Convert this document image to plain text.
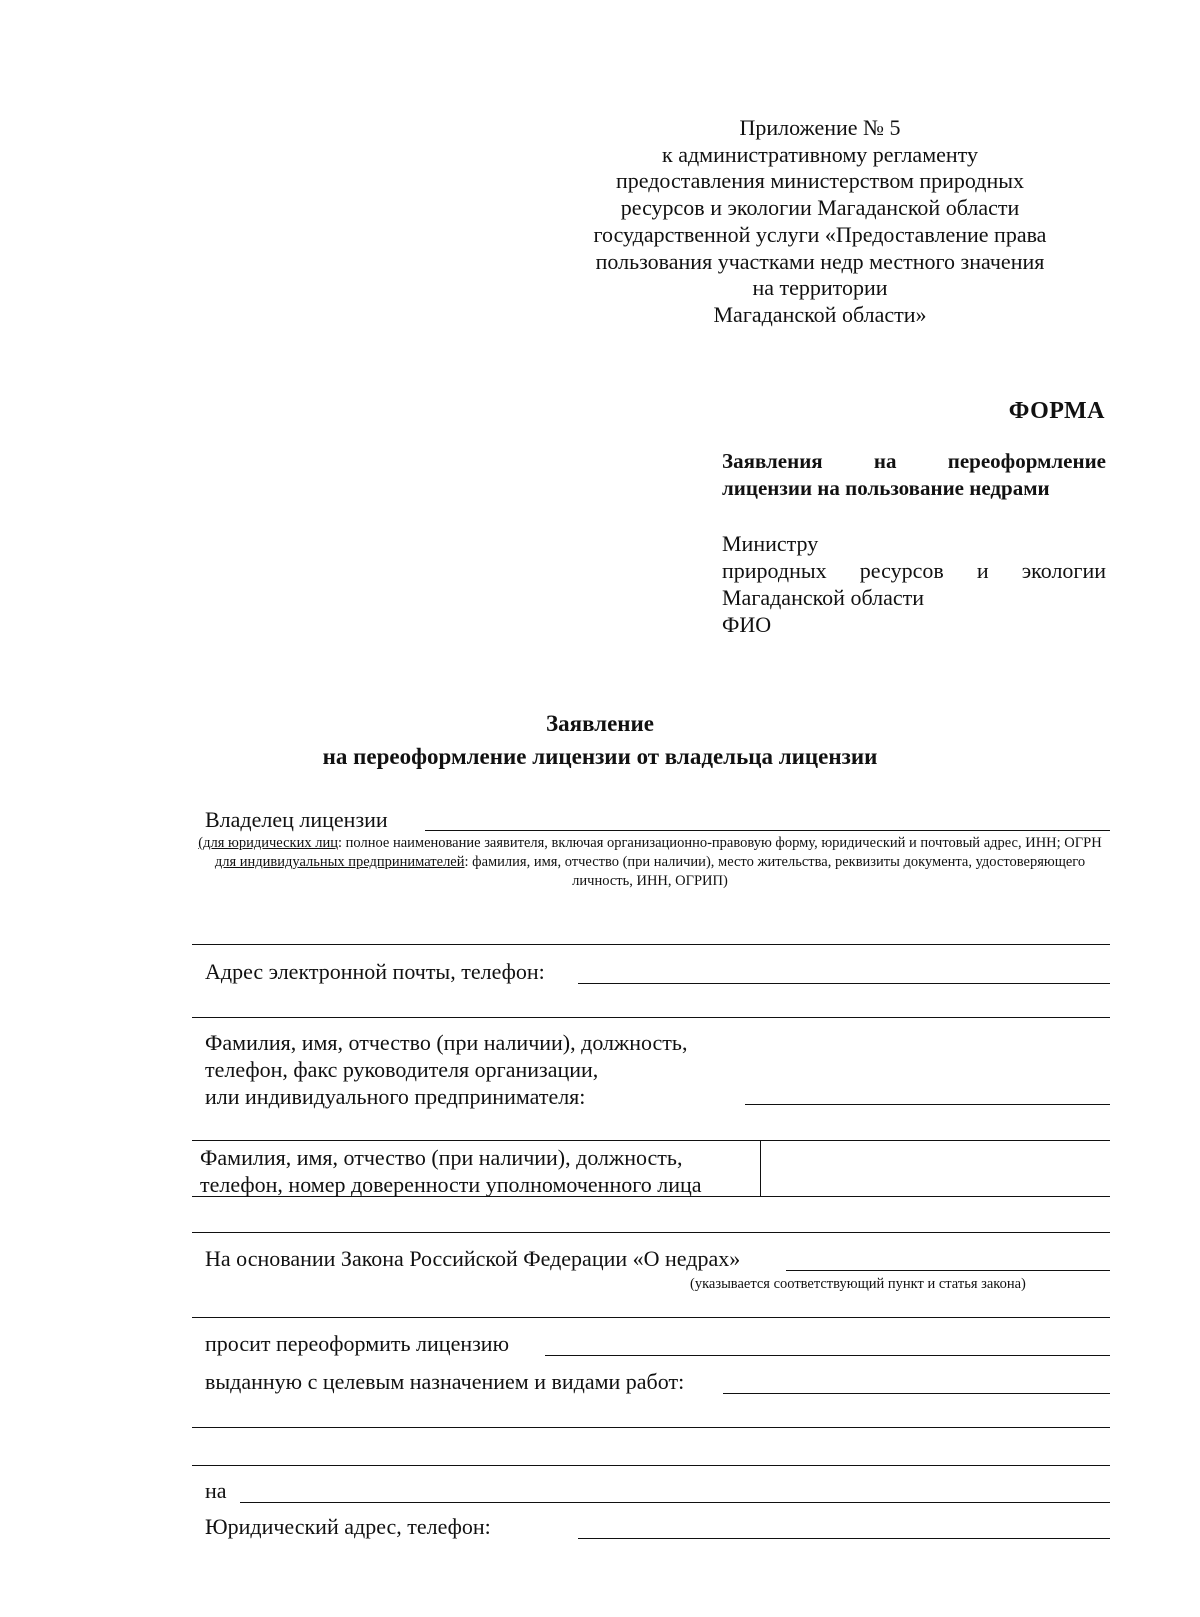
Приложение № 5
к административному регламенту
предоставления министерством природных
ресурсов и экологии Магаданской области
государственной услуги «Предоставление права
пользования участками недр местного значения
на территории
Магаданской области»
ФОРМА
Заявления на переоформление
лицензии на пользование недрами
Министру
природных ресурсов и экологии
Магаданской области
ФИО
Заявление
на переоформление лицензии от владельца лицензии
Владелец лицензии
(для юридических лиц: полное наименование заявителя, включая организационно-правовую форму, юридический и почтовый адрес, ИНН; ОГРН
для индивидуальных предпринимателей: фамилия, имя, отчество (при наличии), место жительства, реквизиты документа, удостоверяющего личность, ИНН, ОГРИП)
Адрес электронной почты, телефон:
Фамилия, имя, отчество (при наличии), должность,
телефон, факс руководителя организации,
или индивидуального предпринимателя:
Фамилия, имя, отчество (при наличии), должность,
телефон, номер доверенности уполномоченного лица
На основании Закона Российской Федерации «О недрах»
(указывается соответствующий пункт и статья закона)
просит переоформить лицензию
выданную с целевым назначением и видами работ:
на
Юридический адрес, телефон:
